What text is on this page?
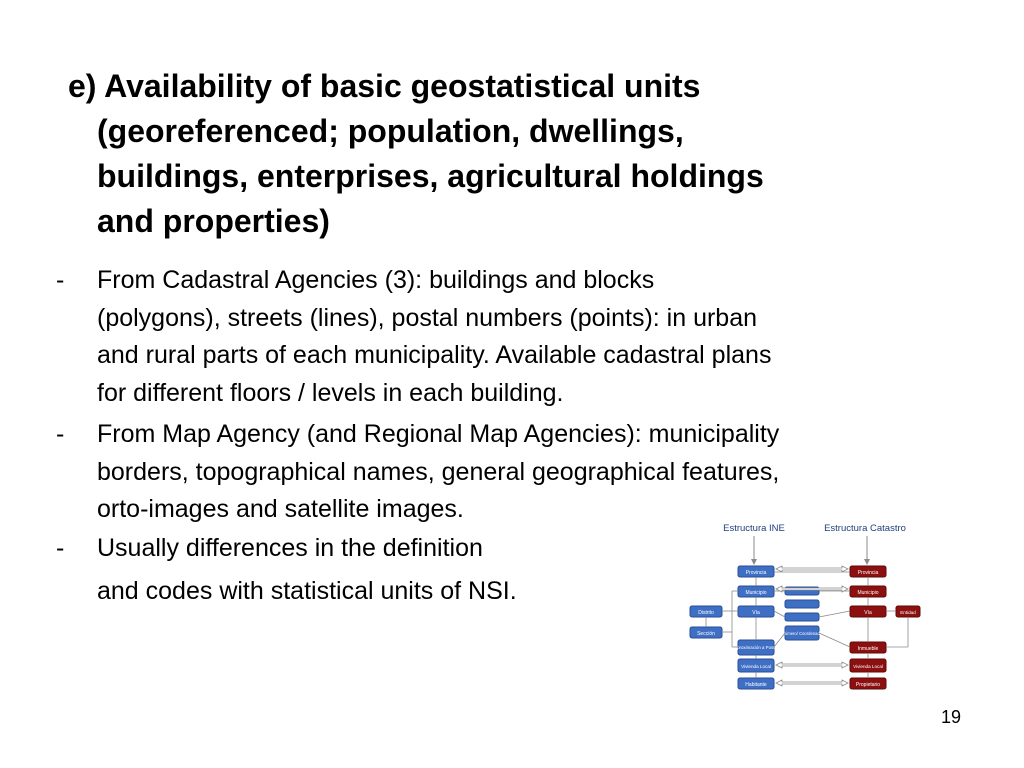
e) Availability of basic geostatistical units
(georeferenced; population, dwellings,
buildings, enterprises, agricultural holdings
and properties)
-	From Cadastral Agencies (3): buildings and blocks
(polygons), streets (lines), postal numbers (points): in urban
and rural parts of each municipality. Available cadastral plans
for different floors / levels in each building.
-	From Map Agency (and Regional Map Agencies): municipality
borders, topographical names, general geographical features,
orto-images and satellite images.
-	Usually differences in the definition
and codes with statistical units of NSI.
Estructura INE	Estructura Catastro
Provincia
Municipio
Vía
Distrito
Sección
Aproximación a Postal
Vivienda Local
Habitante
Número/ Coordenada
Provincia
Municipio
Vía	Entidad
Inmueble
Vivienda Local
Propietario
19
